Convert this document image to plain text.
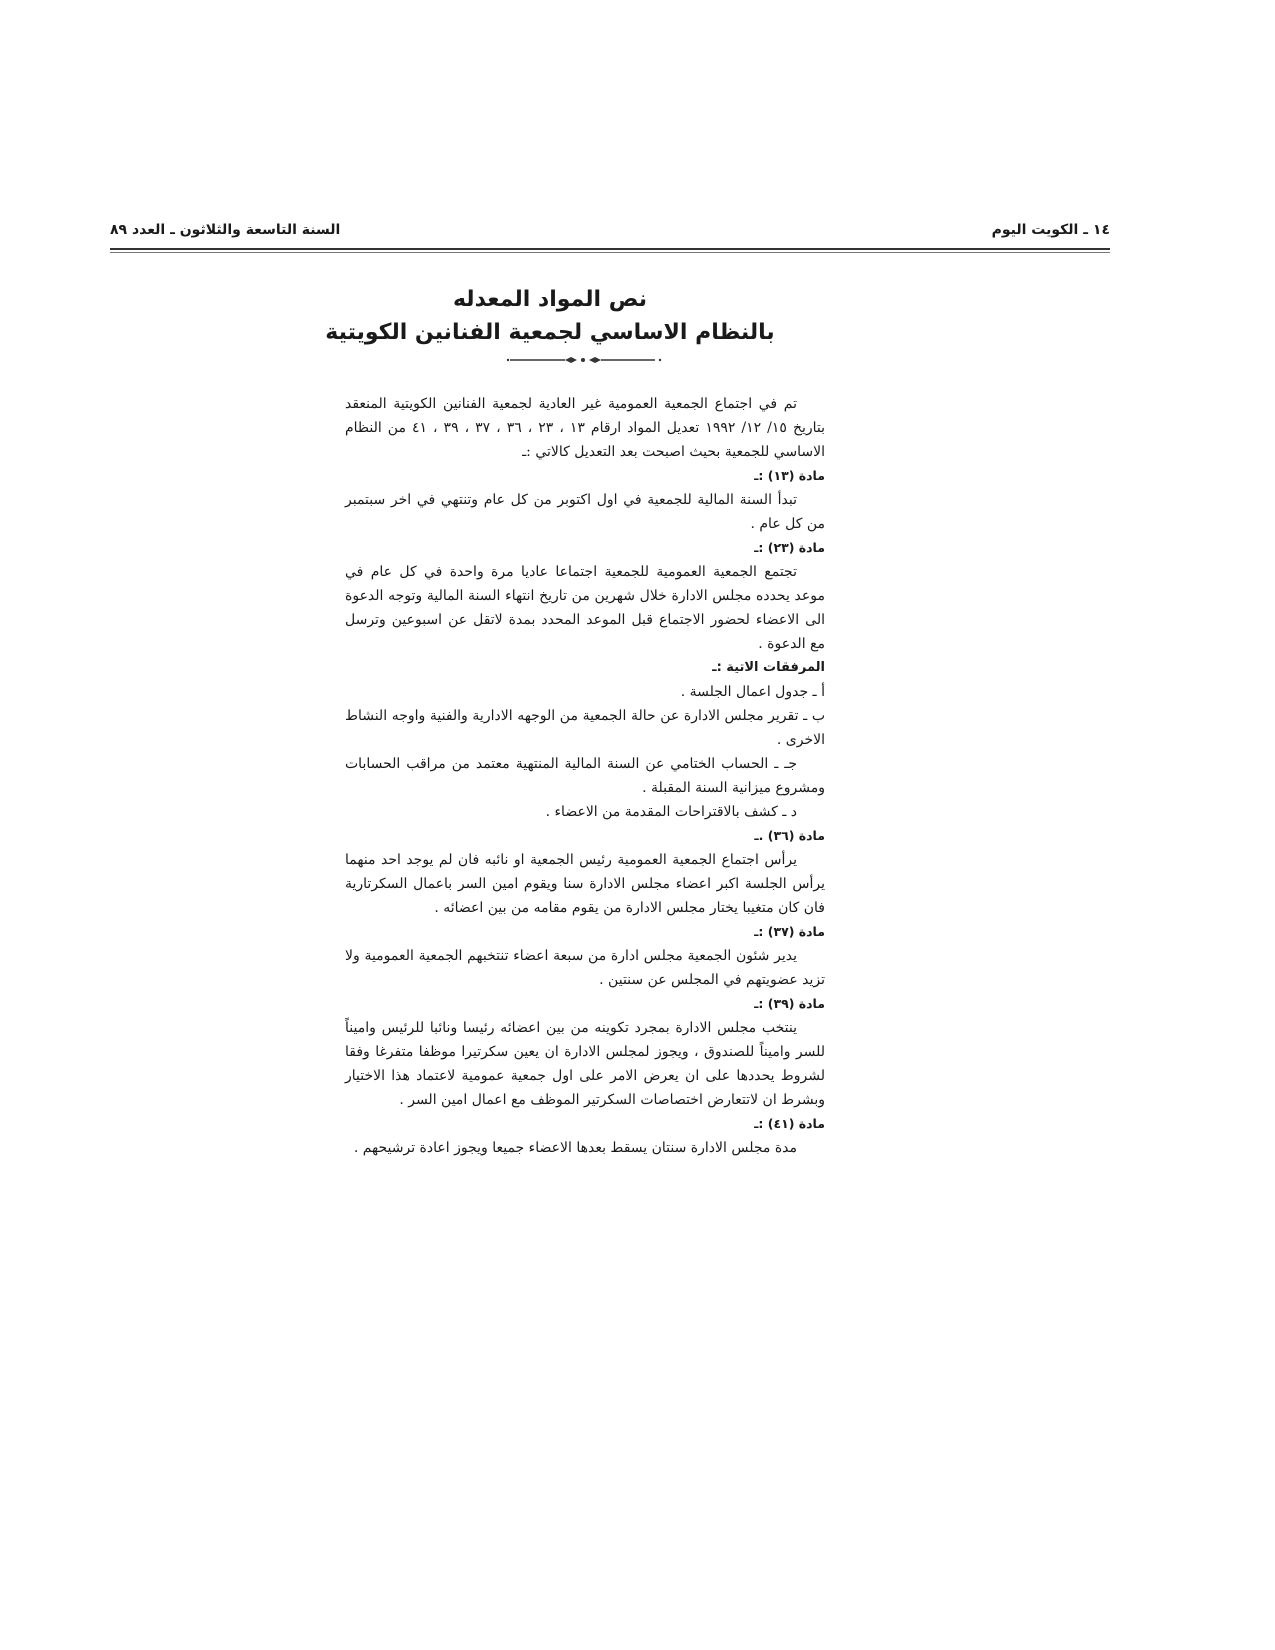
١٤ ـ الكويت اليوم
السنة التاسعة والثلاثون ـ العدد ٨٩
نص المواد المعدله
بالنظام الاساسي لجمعية الفنانين الكويتية

تم في اجتماع الجمعية العمومية غير العادية لجمعية الفنانين الكويتية المنعقد بتاريخ ١٥/ ١٢/ ١٩٩٢ تعديل المواد ارقام ١٣ ، ٢٣ ، ٣٦ ، ٣٧ ، ٣٩ ، ٤١ من النظام الاساسي للجمعية بحيث اصبحت بعد التعديل كالاتي :ـ

مادة (١٣) :ـ

تبدأ السنة المالية للجمعية في اول اكتوبر من كل عام وتنتهي في اخر سبتمبر من كل عام .

مادة (٢٣) :ـ

تجتمع الجمعية العمومية للجمعية اجتماعا عاديا مرة واحدة في كل عام في موعد يحدده مجلس الادارة خلال شهرين من تاريخ انتهاء السنة المالية وتوجه الدعوة الى الاعضاء لحضور الاجتماع قبل الموعد المحدد بمدة لاتقل عن اسبوعين وترسل مع الدعوة .

المرفقات الاتية :ـ

أ ـ جدول اعمال الجلسة .

ب ـ تقرير مجلس الادارة عن حالة الجمعية من الوجهه الادارية والفنية واوجه النشاط الاخرى .

جـ ـ الحساب الختامي عن السنة المالية المنتهية معتمد من مراقب الحسابات ومشروع ميزانية السنة المقبلة .

د ـ كشف بالاقتراحات المقدمة من الاعضاء .

مادة (٣٦) .ـ

يرأس اجتماع الجمعية العمومية رئيس الجمعية او نائبه فان لم يوجد احد منهما يرأس الجلسة اكبر اعضاء مجلس الادارة سنا ويقوم امين السر باعمال السكرتارية فان كان متغيبا يختار مجلس الادارة من يقوم مقامه من بين اعضائه .

مادة (٣٧) :ـ

يدير شئون الجمعية مجلس ادارة من سبعة اعضاء تنتخبهم الجمعية العمومية ولا تزيد عضويتهم في المجلس عن سنتين .

مادة (٣٩) :ـ

ينتخب مجلس الادارة بمجرد تكوينه من بين اعضائه رئيسا ونائبا للرئيس واميناً للسر واميناً للصندوق ، ويجوز لمجلس الادارة ان يعين سكرتيرا موظفا متفرغا وفقا لشروط يحددها على ان يعرض الامر على اول جمعية عمومية لاعتماد هذا الاختيار وبشرط ان لاتتعارض اختصاصات السكرتير الموظف مع اعمال امين السر .

مادة (٤١) :ـ

مدة مجلس الادارة سنتان يسقط بعدها الاعضاء جميعا ويجوز اعادة ترشيحهم .
